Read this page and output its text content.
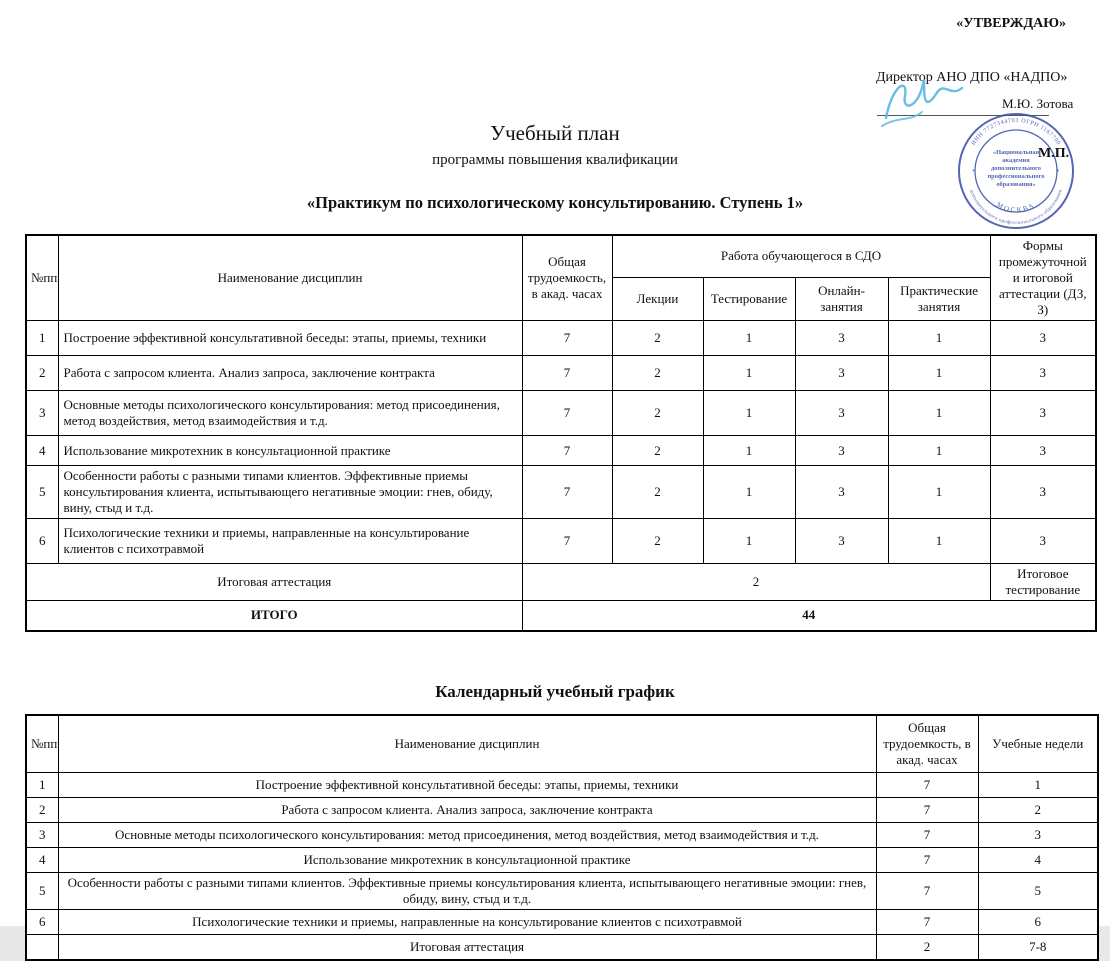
«УТВЕРЖДАЮ»
Директор АНО ДПО «НАДПО»
М.Ю. Зотова
ИНН 7727344703 ОГРН 1167700
дополнительного профессионального образования
МОСКВА
«Национальная
академия
дополнительного
профессионального
образования»
*	*
М.П.
Учебный план
программы повышения квалификации
«Практикум по психологическому консультированию. Ступень 1»
№пп	Наименование дисциплин	Общая трудоемкость, в акад. часах	Работа обучающегося в СДО				Формы промежуточной и итоговой аттестации (ДЗ, З)
			Лекции	Тестирование	Онлайн-занятия	Практические занятия	
1	Построение эффективной консультативной беседы: этапы, приемы, техники	7	2	1	3	1	3
2	Работа с запросом клиента. Анализ запроса, заключение контракта	7	2	1	3	1	3
3	Основные методы психологического консультирования: метод присоединения, метод воздействия, метод взаимодействия и т.д.	7	2	1	3	1	3
4	Использование микротехник в консультационной практике	7	2	1	3	1	3
5	Особенности работы с разными типами клиентов. Эффективные приемы консультирования клиента, испытывающего негативные эмоции: гнев, обиду, вину, стыд и т.д.	7	2	1	3	1	3
6	Психологические техники и приемы, направленные на консультирование клиентов с психотравмой	7	2	1	3	1	3
Итоговая аттестация		2					Итоговое тестирование
ИТОГО		44					
Календарный учебный график
№пп	Наименование дисциплин	Общая трудоемкость, в акад. часах	Учебные недели
1	Построение эффективной консультативной беседы: этапы, приемы, техники	7	1
2	Работа с запросом клиента. Анализ запроса, заключение контракта	7	2
3	Основные методы психологического консультирования: метод присоединения, метод воздействия, метод взаимодействия и т.д.	7	3
4	Использование микротехник в консультационной практике	7	4
5	Особенности работы с разными типами клиентов. Эффективные приемы консультирования клиента, испытывающего негативные эмоции: гнев, обиду, вину, стыд и т.д.	7	5
6	Психологические техники и приемы, направленные на консультирование клиентов с психотравмой	7	6
	Итоговая аттестация	2	7-8
